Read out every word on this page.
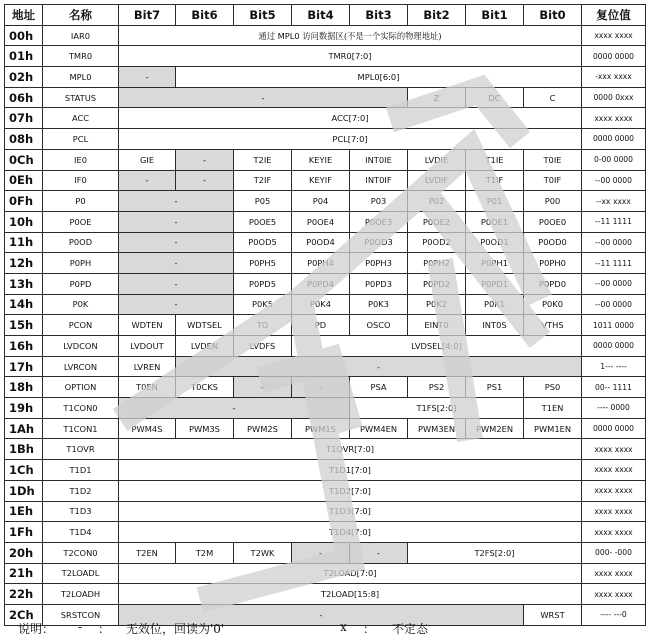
地址	名称	Bit7	Bit6	Bit5	Bit4	Bit3	Bit2	Bit1	Bit0	复位值
00h	IAR0	通过 MPL0 访问数据区(不是一个实际的物理地址)								xxxx xxxx
01h	TMR0	TMR0[7:0]								0000 0000
02h	MPL0	-	MPL0[6:0]							-xxx xxxx
06h	STATUS	-					Z	DC	C	0000 0xxx
07h	ACC	ACC[7:0]								xxxx xxxx
08h	PCL	PCL[7:0]								0000 0000
0Ch	IE0	GIE	-	T2IE	KEYIE	INT0IE	LVDIE	T1IE	T0IE	0-00 0000
0Eh	IF0	-	-	T2IF	KEYIF	INT0IF	LVDIF	T1IF	T0IF	--00 0000
0Fh	P0	-		P05	P04	P03	P02	P01	P00	--xx xxxx
10h	P0OE	-		P0OE5	P0OE4	P0OE3	P0OE2	P0OE1	P0OE0	--11 1111
11h	P0OD	-		P0OD5	P0OD4	P0OD3	P0OD2	P0OD1	P0OD0	--00 0000
12h	P0PH	-		P0PH5	P0PH4	P0PH3	P0PH2	P0PH1	P0PH0	--11 1111
13h	P0PD	-		P0PD5	P0PD4	P0PD3	P0PD2	P0PD1	P0PD0	--00 0000
14h	P0K	-		P0K5	P0K4	P0K3	P0K2	P0K1	P0K0	--00 0000
15h	PCON	WDTEN	WDTSEL	TO	PD	OSCO	EINT0	INT0S	VTHS	1011 0000
16h	LVDCON	LVDOUT	LVDEN	LVDFS	LVDSEL[4:0]					0000 0000
17h	LVRCON	LVREN	-							1--- ----
18h	OPTION	T0EN	T0CKS	-	-	PSA	PS2	PS1	PS0	00-- 1111
19h	T1CON0	-				T1FS[2:0]			T1EN	---- 0000
1Ah	T1CON1	PWM4S	PWM3S	PWM2S	PWM1S	PWM4EN	PWM3EN	PWM2EN	PWM1EN	0000 0000
1Bh	T1OVR	T1OVR[7:0]								xxxx xxxx
1Ch	T1D1	T1D1[7:0]								xxxx xxxx
1Dh	T1D2	T1D2[7:0]								xxxx xxxx
1Eh	T1D3	T1D3[7:0]								xxxx xxxx
1Fh	T1D4	T1D4[7:0]								xxxx xxxx
20h	T2CON0	T2EN	T2M	T2WK	-	-	T2FS[2:0]			000- -000
21h	T2LOADL	T2LOAD[7:0]								xxxx xxxx
22h	T2LOADH	T2LOAD[15:8]								xxxx xxxx
2Ch	SRSTCON	-							WRST	---- ---0
说明： - ： 无效位，回读为'0'	x ： 不定态
